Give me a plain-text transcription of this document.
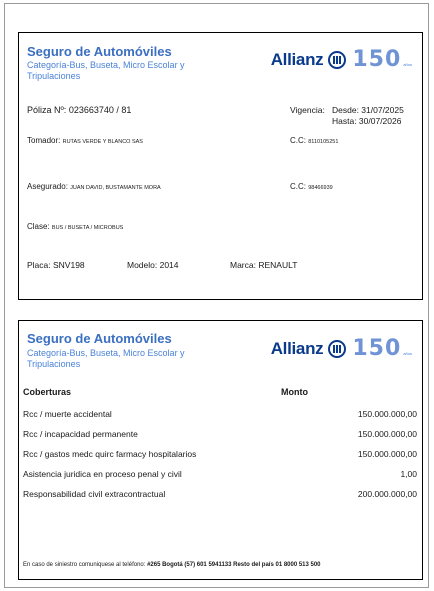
Seguro de Automóviles
Categoría-Bus, Buseta, Micro Escolar y Tripulaciones
Allianz 150 años
Póliza Nº: 023663740 / 81	Vigencia: Desde: 31/07/2025
Hasta: 30/07/2026
Tomador: RUTAS VERDE Y BLANCO SAS	C.C: 8110105251
Asegurado: JUAN DAVID, BUSTAMANTE MORA	C.C: 98466939
Clase: BUS / BUSETA / MICROBUS
Placa: SNV198	Modelo: 2014	Marca: RENAULT
Seguro de Automóviles
Categoría-Bus, Buseta, Micro Escolar y Tripulaciones
Allianz 150 años
Coberturas	Monto
Rcc / muerte accidental	150.000.000,00
Rcc / incapacidad permanente	150.000.000,00
Rcc / gastos medc quirc farmacy hospitalarios	150.000.000,00
Asistencia juridica en proceso penal y civil	1,00
Responsabilidad civil extracontractual	200.000.000,00
En caso de siniestro comuniquese al teléfono: #265 Bogotá (57) 601 5941133 Resto del país 01 8000 513 500
